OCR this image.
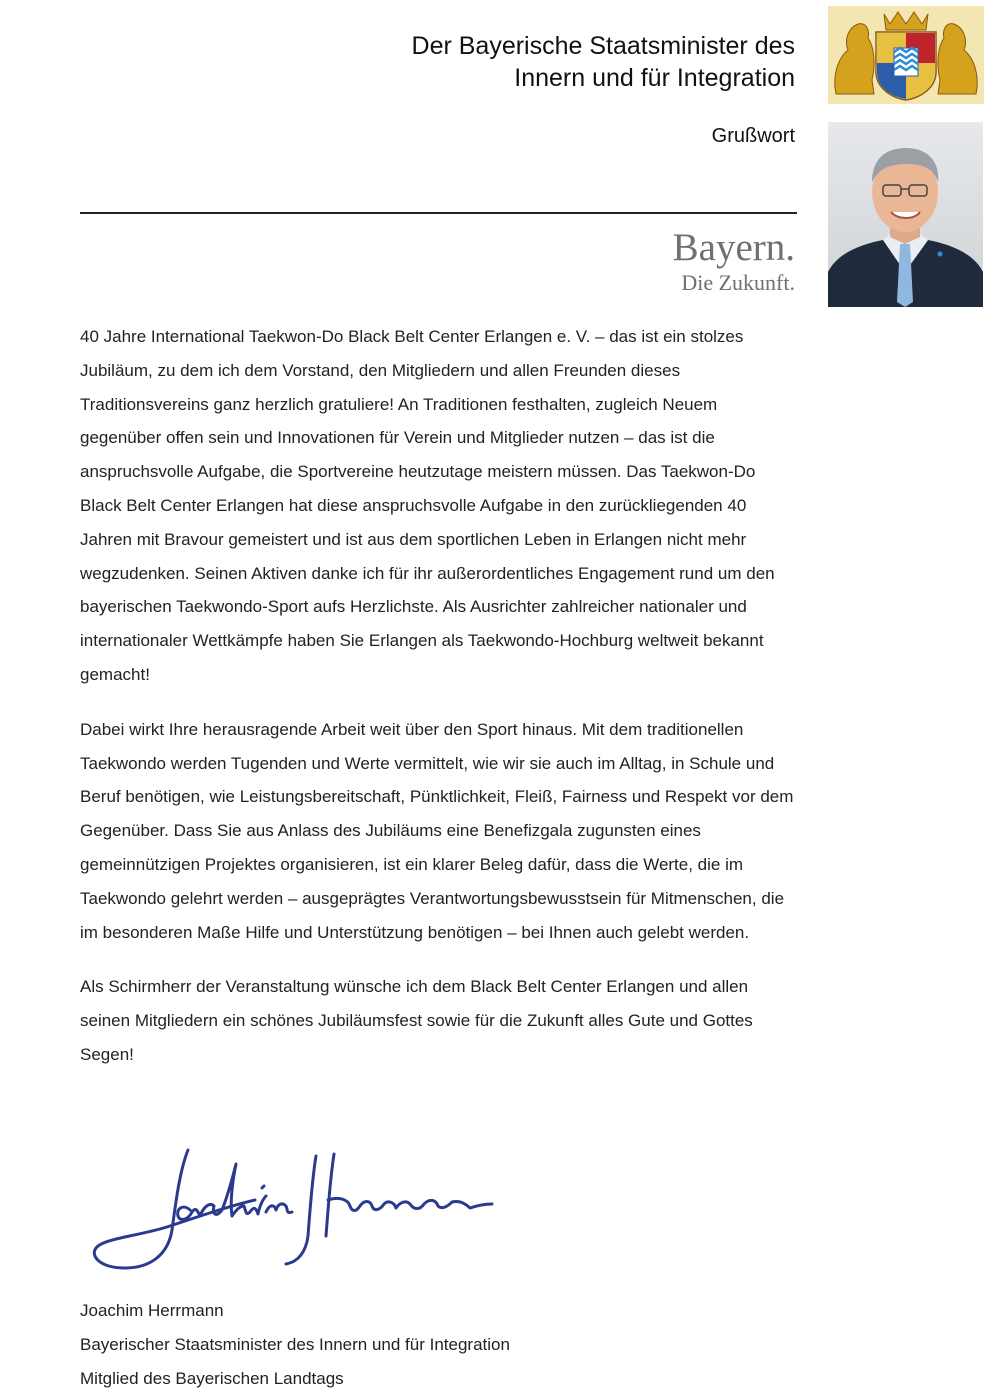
Der Bayerische Staatsminister des
Innern und für Integration
Grußwort
Bayern.
Die Zukunft.

40 Jahre International Taekwon-Do Black Belt Center Erlangen e. V. – das ist ein stolzes Jubiläum, zu dem ich dem Vorstand, den Mitgliedern und allen Freunden dieses Traditionsvereins ganz herzlich gratuliere! An Traditionen festhalten, zugleich Neuem gegenüber offen sein und Innovationen für Verein und Mitglieder nutzen – das ist die anspruchsvolle Aufgabe, die Sportvereine heutzutage meistern müssen. Das Taekwon-Do Black Belt Center Erlangen hat diese anspruchsvolle Aufgabe in den zurückliegenden 40 Jahren mit Bravour gemeistert und ist aus dem sportlichen Leben in Erlangen nicht mehr wegzudenken. Seinen Aktiven danke ich für ihr außerordentliches Engagement rund um den bayerischen Taekwondo-Sport aufs Herzlichste. Als Ausrichter zahlreicher nationaler und internationaler Wettkämpfe haben Sie Erlangen als Taekwondo-Hochburg weltweit bekannt gemacht!

Dabei wirkt Ihre herausragende Arbeit weit über den Sport hinaus. Mit dem traditionellen Taekwondo werden Tugenden und Werte vermittelt, wie wir sie auch im Alltag, in Schule und Beruf benötigen, wie Leistungsbereitschaft, Pünktlichkeit, Fleiß, Fairness und Respekt vor dem Gegenüber. Dass Sie aus Anlass des Jubiläums eine Benefizgala zugunsten eines gemeinnützigen Projektes organisieren, ist ein klarer Beleg dafür, dass die Werte, die im Taekwondo gelehrt werden – ausgeprägtes Verantwortungsbewusstsein für Mitmenschen, die im besonderen Maße Hilfe und Unterstützung benötigen – bei Ihnen auch gelebt werden.

Als Schirmherr der Veranstaltung wünsche ich dem Black Belt Center Erlangen und allen seinen Mitgliedern ein schönes Jubiläumsfest sowie für die Zukunft alles Gute und Gottes Segen!

Joachim Herrmann
Bayerischer Staatsminister des Innern und für Integration
Mitglied des Bayerischen Landtags
